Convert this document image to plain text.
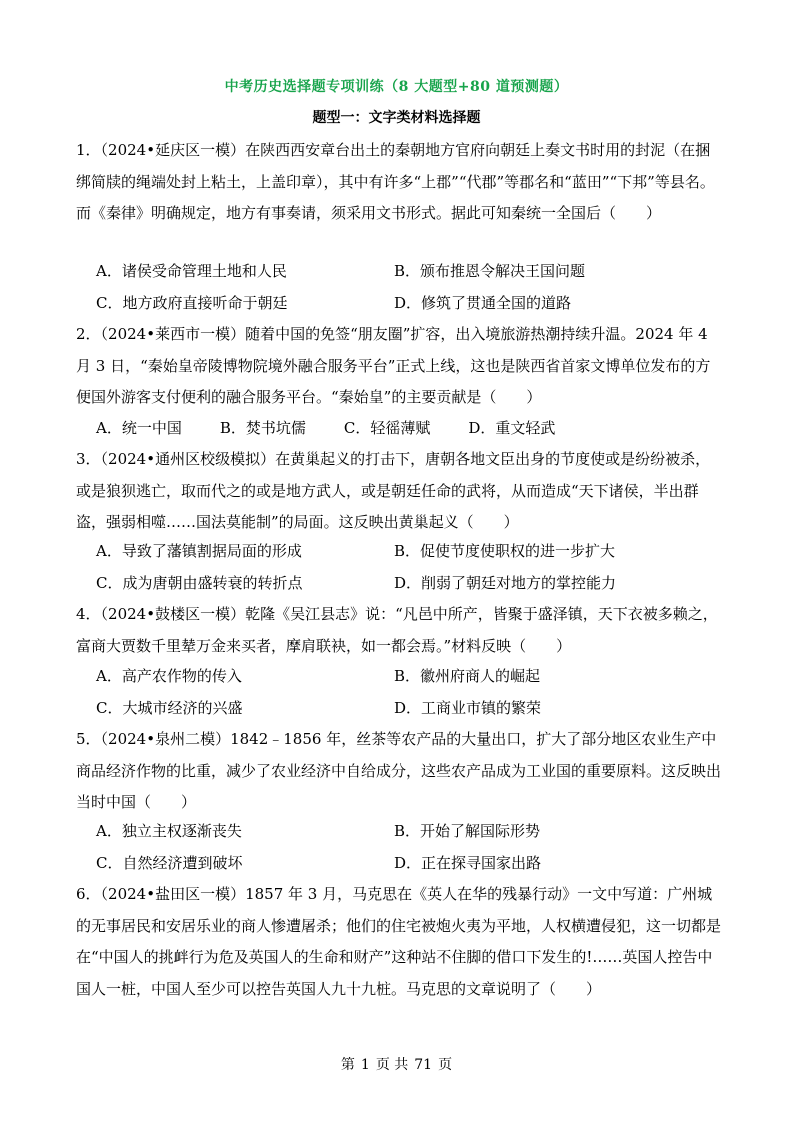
中考历史选择题专项训练（8 大题型+80 道预测题）
题型一：文字类材料选择题
1．（2024•延庆区一模）在陕西西安章台出土的秦朝地方官府向朝廷上奏文书时用的封泥（在捆绑简牍的绳端处封上粘土，上盖印章），其中有许多“上郡”“代郡”等郡名和“蓝田”“下邦”等县名。而《秦律》明确规定，地方有事奏请，须采用文书形式。据此可知秦统一全国后（　　）
A．诸侯受命管理土地和人民	B．颁布推恩令解决王国问题
C．地方政府直接听命于朝廷	D．修筑了贯通全国的道路
2．（2024•莱西市一模）随着中国的免签“朋友圈”扩容，出入境旅游热潮持续升温。2024 年 4 月 3 日，“秦始皇帝陵博物院境外融合服务平台”正式上线，这也是陕西省首家文博单位发布的方便国外游客支付便利的融合服务平台。“秦始皇”的主要贡献是（　　）
A．统一中国	B．焚书坑儒	C．轻徭薄赋	D．重文轻武
3．（2024•通州区校级模拟）在黄巢起义的打击下，唐朝各地文臣出身的节度使或是纷纷被杀，或是狼狈逃亡，取而代之的或是地方武人，或是朝廷任命的武将，从而造成“天下诸侯，半出群盗，强弱相噬……国法莫能制”的局面。这反映出黄巢起义（　　）
A．导致了藩镇割据局面的形成	B．促使节度使职权的进一步扩大
C．成为唐朝由盛转衰的转折点	D．削弱了朝廷对地方的掌控能力
4．（2024•鼓楼区一模）乾隆《吴江县志》说：“凡邑中所产，皆聚于盛泽镇，天下衣被多赖之，富商大贾数千里辇万金来买者，摩肩联袂，如一都会焉。”材料反映（　　）
A．高产农作物的传入	B．徽州府商人的崛起
C．大城市经济的兴盛	D．工商业市镇的繁荣
5．（2024•泉州二模）1842﹣1856 年，丝茶等农产品的大量出口，扩大了部分地区农业生产中商品经济作物的比重，减少了农业经济中自给成分，这些农产品成为工业国的重要原料。这反映出当时中国（　　）
A．独立主权逐渐丧失	B．开始了解国际形势
C．自然经济遭到破坏	D．正在探寻国家出路
6．（2024•盐田区一模）1857 年 3 月，马克思在《英人在华的残暴行动》一文中写道：广州城的无事居民和安居乐业的商人惨遭屠杀；他们的住宅被炮火夷为平地，人权横遭侵犯，这一切都是在“中国人的挑衅行为危及英国人的生命和财产”这种站不住脚的借口下发生的!……英国人控告中国人一桩，中国人至少可以控告英国人九十九桩。马克思的文章说明了（　　）
第 1 页 共 71 页
